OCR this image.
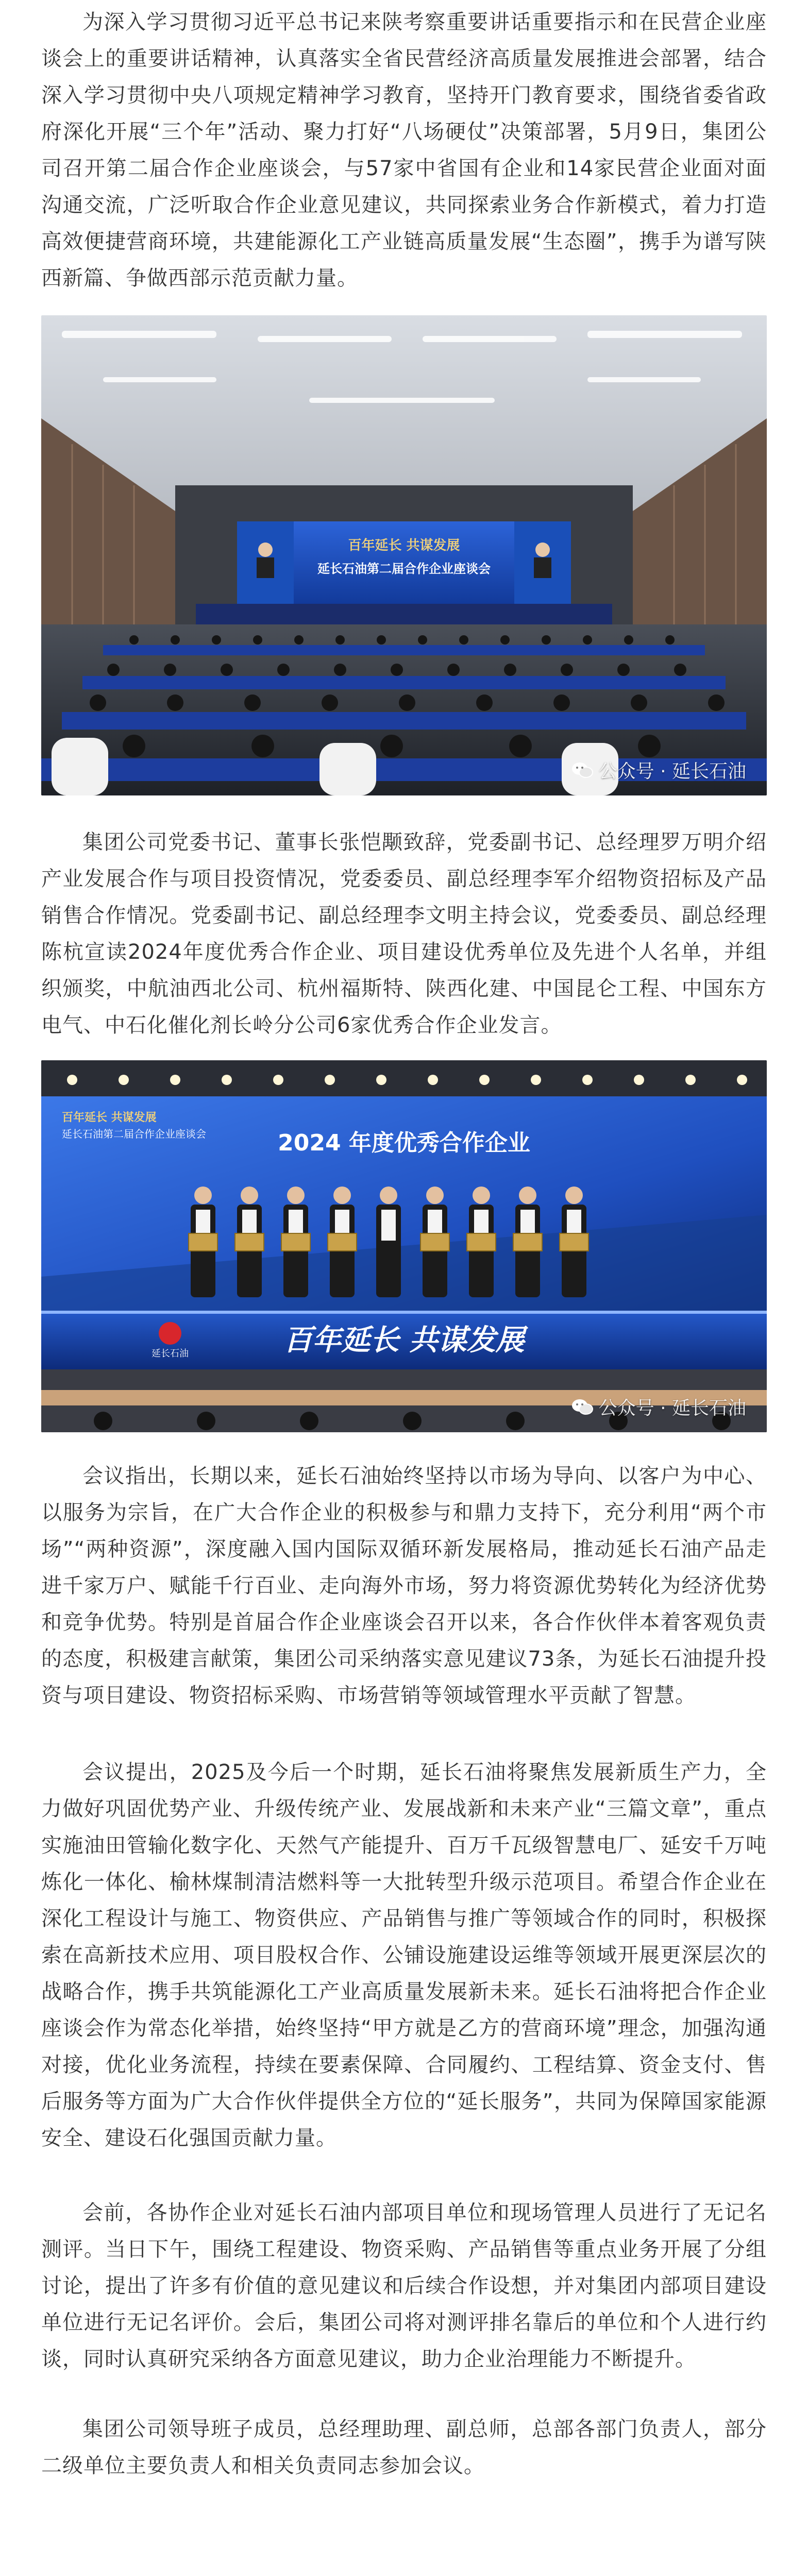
为深入学习贯彻习近平总书记来陕考察重要讲话重要指示和在民营企业座谈会上的重要讲话精神，认真落实全省民营经济高质量发展推进会部署，结合深入学习贯彻中央八项规定精神学习教育，坚持开门教育要求，围绕省委省政府深化开展“三个年”活动、聚力打好“八场硬仗”决策部署，5月9日，集团公司召开第二届合作企业座谈会，与57家中省国有企业和14家民营企业面对面沟通交流，广泛听取合作企业意见建议，共同探索业务合作新模式，着力打造高效便捷营商环境，共建能源化工产业链高质量发展“生态圈”，携手为谱写陕西新篇、争做西部示范贡献力量。

百年延长 共谋发展
延长石油第二届合作企业座谈会
公众号 · 延长石油

集团公司党委书记、董事长张恺颙致辞，党委副书记、总经理罗万明介绍产业发展合作与项目投资情况，党委委员、副总经理李军介绍物资招标及产品销售合作情况。党委副书记、副总经理李文明主持会议，党委委员、副总经理陈杭宣读2024年度优秀合作企业、项目建设优秀单位及先进个人名单，并组织颁奖，中航油西北公司、杭州福斯特、陕西化建、中国昆仑工程、中国东方电气、中石化催化剂长岭分公司6家优秀合作企业发言。

百年延长 共谋发展
延长石油第二届合作企业座谈会	2024 年度优秀合作企业
延长石油	百年延长 共谋发展
公众号 · 延长石油

会议指出，长期以来，延长石油始终坚持以市场为导向、以客户为中心、以服务为宗旨，在广大合作企业的积极参与和鼎力支持下，充分利用“两个市场”“两种资源”，深度融入国内国际双循环新发展格局，推动延长石油产品走进千家万户、赋能千行百业、走向海外市场，努力将资源优势转化为经济优势和竞争优势。特别是首届合作企业座谈会召开以来，各合作伙伴本着客观负责的态度，积极建言献策，集团公司采纳落实意见建议73条，为延长石油提升投资与项目建设、物资招标采购、市场营销等领域管理水平贡献了智慧。

会议提出，2025及今后一个时期，延长石油将聚焦发展新质生产力，全力做好巩固优势产业、升级传统产业、发展战新和未来产业“三篇文章”，重点实施油田管输化数字化、天然气产能提升、百万千瓦级智慧电厂、延安千万吨炼化一体化、榆林煤制清洁燃料等一大批转型升级示范项目。希望合作企业在深化工程设计与施工、物资供应、产品销售与推广等领域合作的同时，积极探索在高新技术应用、项目股权合作、公铺设施建设运维等领域开展更深层次的战略合作，携手共筑能源化工产业高质量发展新未来。延长石油将把合作企业座谈会作为常态化举措，始终坚持“甲方就是乙方的营商环境”理念，加强沟通对接，优化业务流程，持续在要素保障、合同履约、工程结算、资金支付、售后服务等方面为广大合作伙伴提供全方位的“延长服务”，共同为保障国家能源安全、建设石化强国贡献力量。

会前，各协作企业对延长石油内部项目单位和现场管理人员进行了无记名测评。当日下午，围绕工程建设、物资采购、产品销售等重点业务开展了分组讨论，提出了许多有价值的意见建议和后续合作设想，并对集团内部项目建设单位进行无记名评价。会后，集团公司将对测评排名靠后的单位和个人进行约谈，同时认真研究采纳各方面意见建议，助力企业治理能力不断提升。

集团公司领导班子成员，总经理助理、副总师，总部各部门负责人，部分二级单位主要负责人和相关负责同志参加会议。
